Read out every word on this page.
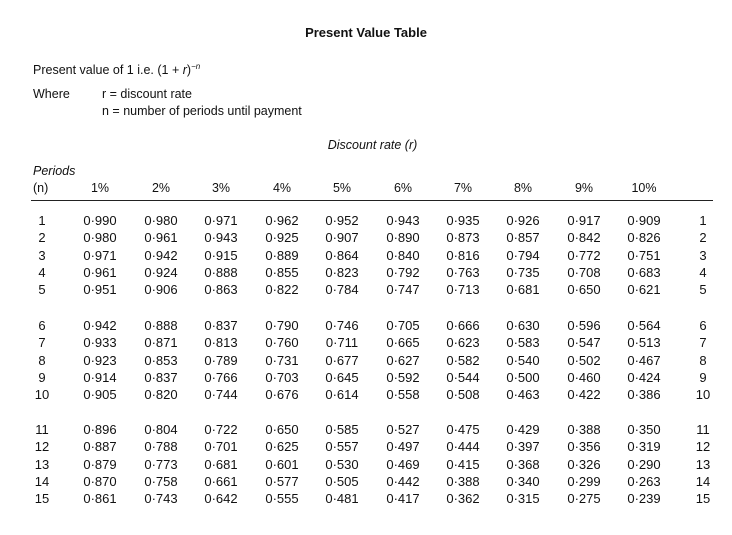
Present Value Table
Present value of 1 i.e. $(1 + r)^{-n}$
Where	r = discount rate
n = number of periods until payment
Discount rate (r)
Periods
(n)	1%	2%	3%	4%	5%	6%	7%	8%	9%	10%
1	0·990	0·980	0·971	0·962	0·952	0·943	0·935	0·926	0·917	0·909	1
2	0·980	0·961	0·943	0·925	0·907	0·890	0·873	0·857	0·842	0·826	2
3	0·971	0·942	0·915	0·889	0·864	0·840	0·816	0·794	0·772	0·751	3
4	0·961	0·924	0·888	0·855	0·823	0·792	0·763	0·735	0·708	0·683	4
5	0·951	0·906	0·863	0·822	0·784	0·747	0·713	0·681	0·650	0·621	5
6	0·942	0·888	0·837	0·790	0·746	0·705	0·666	0·630	0·596	0·564	6
7	0·933	0·871	0·813	0·760	0·711	0·665	0·623	0·583	0·547	0·513	7
8	0·923	0·853	0·789	0·731	0·677	0·627	0·582	0·540	0·502	0·467	8
9	0·914	0·837	0·766	0·703	0·645	0·592	0·544	0·500	0·460	0·424	9
10	0·905	0·820	0·744	0·676	0·614	0·558	0·508	0·463	0·422	0·386	10
11	0·896	0·804	0·722	0·650	0·585	0·527	0·475	0·429	0·388	0·350	11
12	0·887	0·788	0·701	0·625	0·557	0·497	0·444	0·397	0·356	0·319	12
13	0·879	0·773	0·681	0·601	0·530	0·469	0·415	0·368	0·326	0·290	13
14	0·870	0·758	0·661	0·577	0·505	0·442	0·388	0·340	0·299	0·263	14
15	0·861	0·743	0·642	0·555	0·481	0·417	0·362	0·315	0·275	0·239	15
